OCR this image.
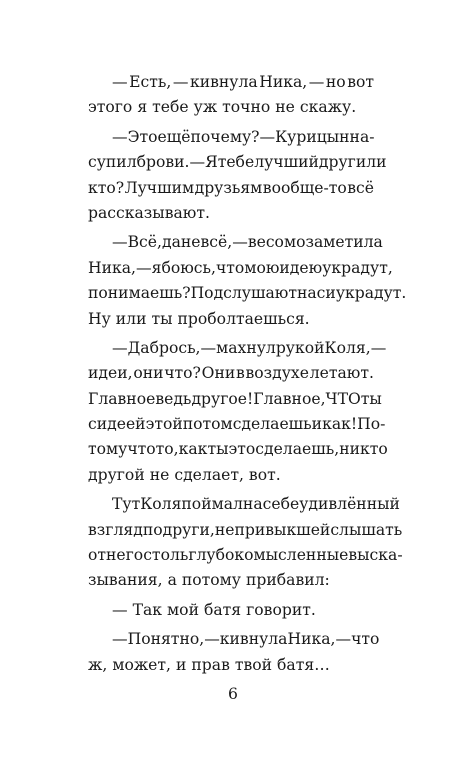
— Есть, — кивнула Ника, — но вот
этого я тебе уж точно не скажу.
— Это ещё почему? — Курицын на-
супил брови. — Я тебе лучший друг или
кто? Лучшим друзьям вообще-то всё
рассказывают.
— Всё, да не всё, — весомо заметила
Ника, — я боюсь, что мою идею украдут,
понимаешь? Подслушают нас и украдут.
Ну или ты проболтаешься.
— Да брось, — махнул рукой Коля, —
идеи, они что? Они в воздухе летают.
Главное ведь другое! Главное, ЧТО ты
с идеей этой потом сделаешь и как! По-
тому что то, как ты это сделаешь, никто
другой не сделает, вот.
Тут Коля поймал на себе удивлённый
взгляд подруги, не привыкшей слышать
от него столь глубокомысленные выска-
зывания, а потому прибавил:
— Так мой батя говорит.
— Понятно, — кивнула Ника, — что
ж, может, и прав твой батя…
6
